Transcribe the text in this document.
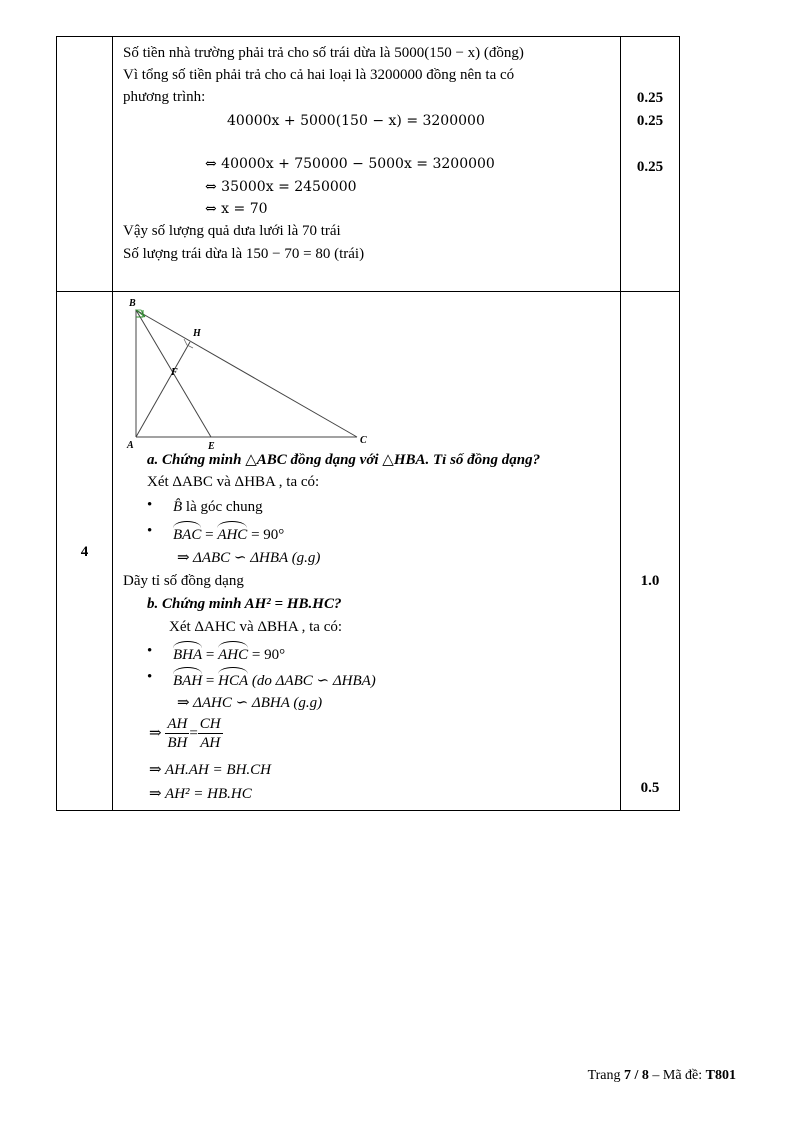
Số tiền nhà trường phải trả cho số trái dừa là 5000(150 − x) (đồng)
Vì tổng số tiền phải trả cho cả hai loại là 3200000 đồng nên ta có
phương trình:
40000x + 5000(150 − x) = 3200000
⇔ 40000x + 750000 − 5000x = 3200000
⇔ 35000x = 2450000
⇔ x = 70
Vậy số lượng quả dưa lưới là 70 trái
Số lượng trái dừa là 150 − 70 = 80 (trái)
0.25
0.25
0.25
4
B
H
F
A	E
C
a. Chứng minh △ABC đồng dạng với △HBA. Tỉ số đồng dạng?
Xét ΔABC và ΔHBA , ta có:
• B̂ là góc chung
• BAC = AHC = 90°
⇒ ΔABC ∽ ΔHBA (g.g)
Dãy tỉ số đồng dạng
b. Chứng minh AH² = HB.HC?
Xét ΔAHC và ΔBHA , ta có:
• BHA = AHC = 90°
• BAH = HCA (do ΔABC ∽ ΔHBA)
⇒ ΔAHC ∽ ΔBHA (g.g)
⇒ $\frac{AH}{BH} = \frac{CH}{AH}$
⇒ AH.AH = BH.CH
⇒ AH² = HB.HC
1.0
0.5
Trang 7 / 8 – Mã đề: T801
